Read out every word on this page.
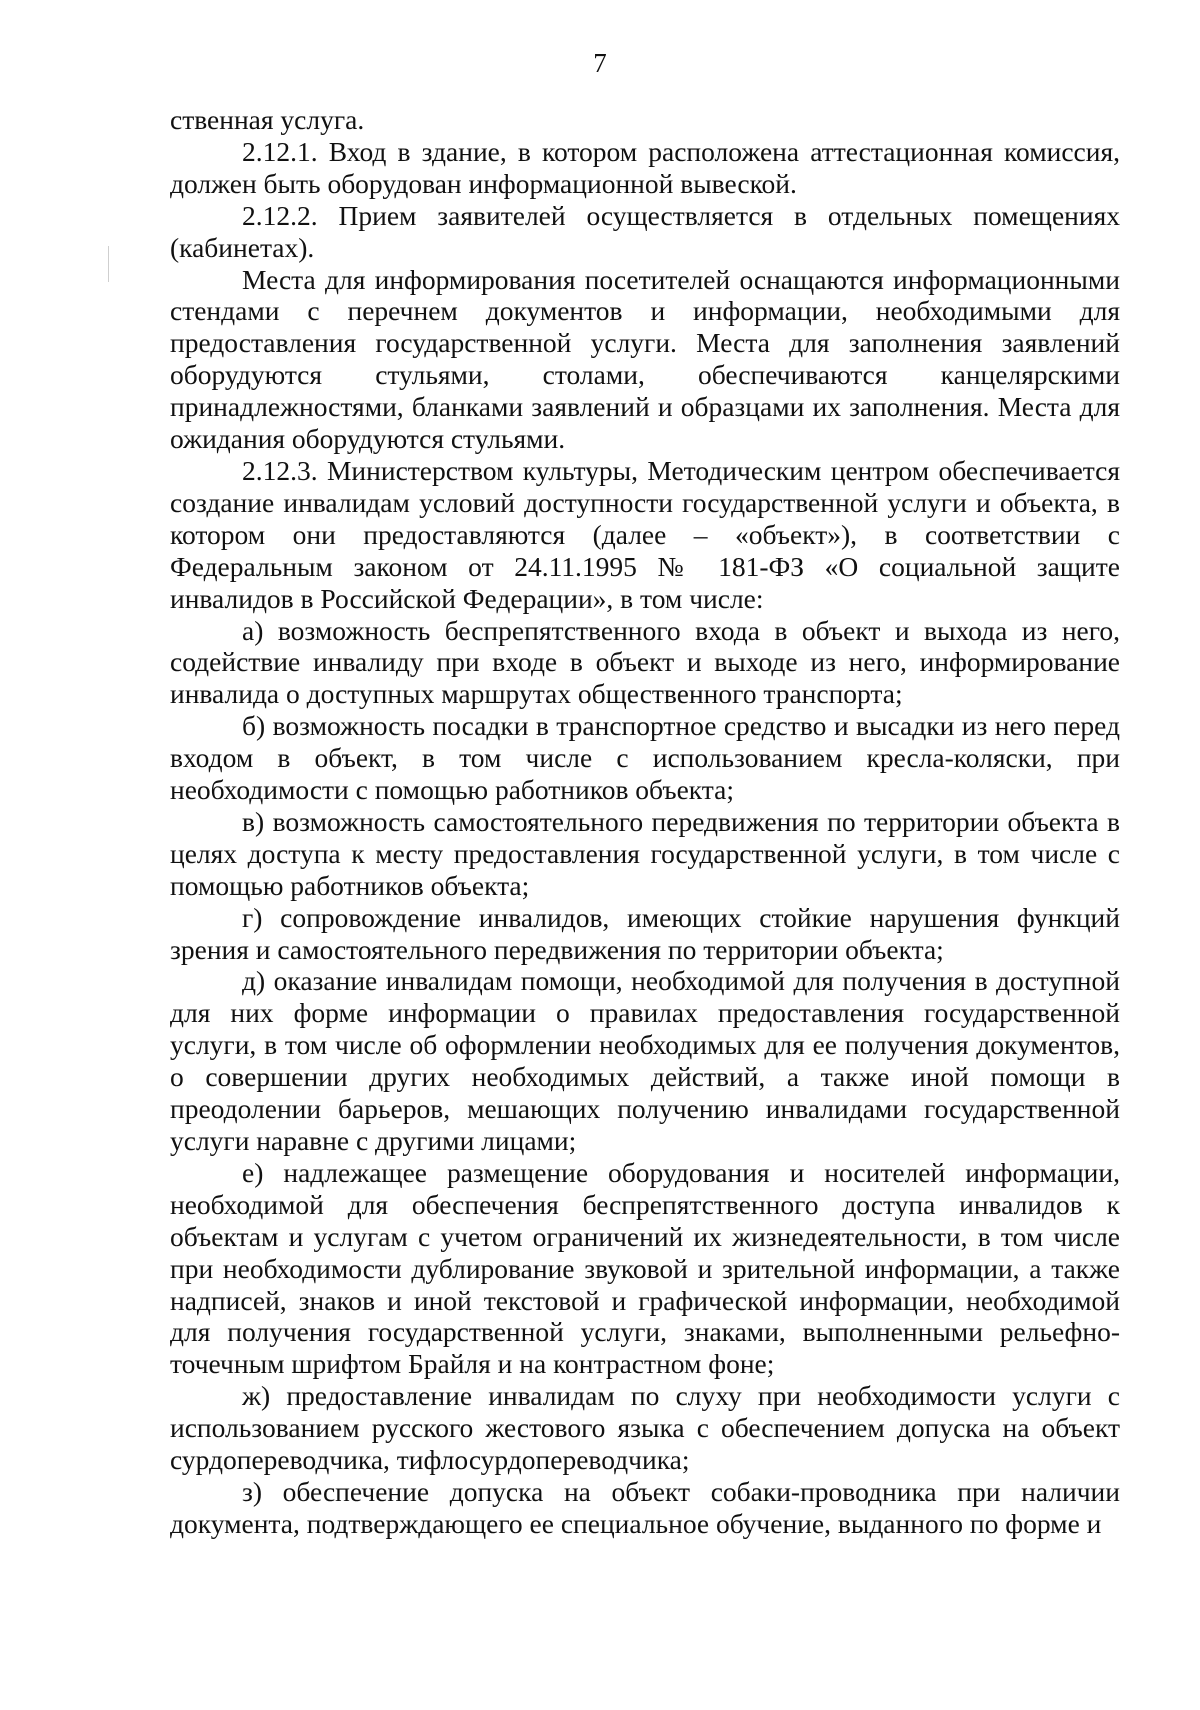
7

ственная услуга.

2.12.1. Вход в здание, в котором расположена аттестационная комиссия, должен быть оборудован информационной вывеской.

2.12.2. Прием заявителей осуществляется в отдельных помещениях (кабинетах).

Места для информирования посетителей оснащаются информационными стендами с перечнем документов и информации, необходимыми для предоставления государственной услуги. Места для заполнения заявлений оборудуются стульями, столами, обеспечиваются канцелярскими принадлежностями, бланками заявлений и образцами их заполнения. Места для ожидания оборудуются стульями.

2.12.3. Министерством культуры, Методическим центром обеспечивается создание инвалидам условий доступности государственной услуги и объекта, в котором они предоставляются (далее – «объект»), в соответствии с Федеральным законом от 24.11.1995 № 181-ФЗ «О социальной защите инвалидов в Российской Федерации», в том числе:

а) возможность беспрепятственного входа в объект и выхода из него, содействие инвалиду при входе в объект и выходе из него, информирование инвалида о доступных маршрутах общественного транспорта;

б) возможность посадки в транспортное средство и высадки из него перед входом в объект, в том числе с использованием кресла-коляски, при необходимости с помощью работников объекта;

в) возможность самостоятельного передвижения по территории объекта в целях доступа к месту предоставления государственной услуги, в том числе с помощью работников объекта;

г) сопровождение инвалидов, имеющих стойкие нарушения функций зрения и самостоятельного передвижения по территории объекта;

д) оказание инвалидам помощи, необходимой для получения в доступной для них форме информации о правилах предоставления государственной услуги, в том числе об оформлении необходимых для ее получения документов, о совершении других необходимых действий, а также иной помощи в преодолении барьеров, мешающих получению инвалидами государственной услуги наравне с другими лицами;

е) надлежащее размещение оборудования и носителей информации, необходимой для обеспечения беспрепятственного доступа инвалидов к объектам и услугам с учетом ограничений их жизнедеятельности, в том числе при необходимости дублирование звуковой и зрительной информации, а также надписей, знаков и иной текстовой и графической информации, необходимой для получения государственной услуги, знаками, выполненными рельефно-точечным шрифтом Брайля и на контрастном фоне;

ж) предоставление инвалидам по слуху при необходимости услуги с использованием русского жестового языка с обеспечением допуска на объект сурдопереводчика, тифлосурдопереводчика;

з) обеспечение допуска на объект собаки-проводника при наличии документа, подтверждающего ее специальное обучение, выданного по форме и
